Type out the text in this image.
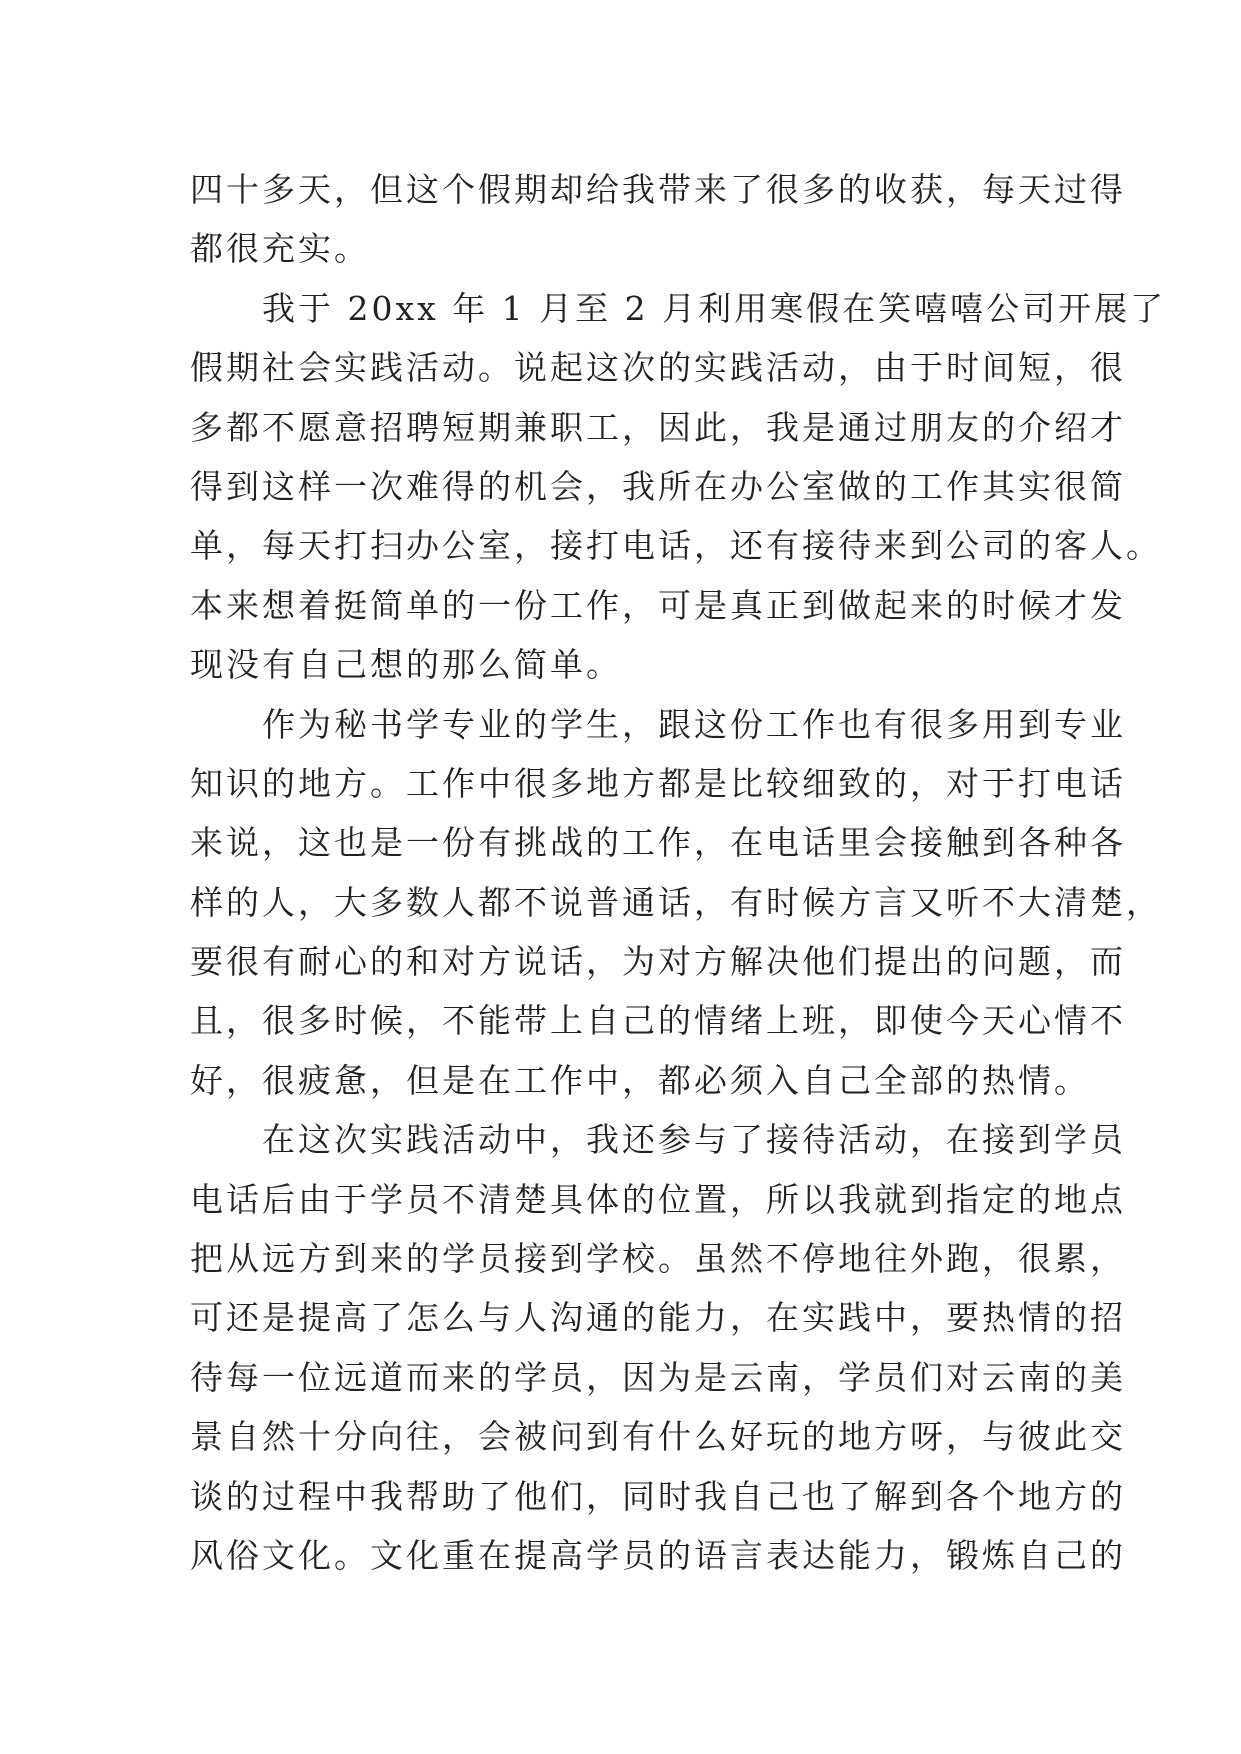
四十多天，但这个假期却给我带来了很多的收获，每天过得
都很充实。
　　我于 20xx 年 1 月至 2 月利用寒假在笑嘻嘻公司开展了
假期社会实践活动。说起这次的实践活动，由于时间短，很
多都不愿意招聘短期兼职工，因此，我是通过朋友的介绍才
得到这样一次难得的机会，我所在办公室做的工作其实很简
单，每天打扫办公室，接打电话，还有接待来到公司的客人。
本来想着挺简单的一份工作，可是真正到做起来的时候才发
现没有自己想的那么简单。
　　作为秘书学专业的学生，跟这份工作也有很多用到专业
知识的地方。工作中很多地方都是比较细致的，对于打电话
来说，这也是一份有挑战的工作，在电话里会接触到各种各
样的人，大多数人都不说普通话，有时候方言又听不大清楚，
要很有耐心的和对方说话，为对方解决他们提出的问题，而
且，很多时候，不能带上自己的情绪上班，即使今天心情不
好，很疲惫，但是在工作中，都必须入自己全部的热情。
　　在这次实践活动中，我还参与了接待活动，在接到学员
电话后由于学员不清楚具体的位置，所以我就到指定的地点
把从远方到来的学员接到学校。虽然不停地往外跑，很累，
可还是提高了怎么与人沟通的能力，在实践中，要热情的招
待每一位远道而来的学员，因为是云南，学员们对云南的美
景自然十分向往，会被问到有什么好玩的地方呀，与彼此交
谈的过程中我帮助了他们，同时我自己也了解到各个地方的
风俗文化。文化重在提高学员的语言表达能力，锻炼自己的
